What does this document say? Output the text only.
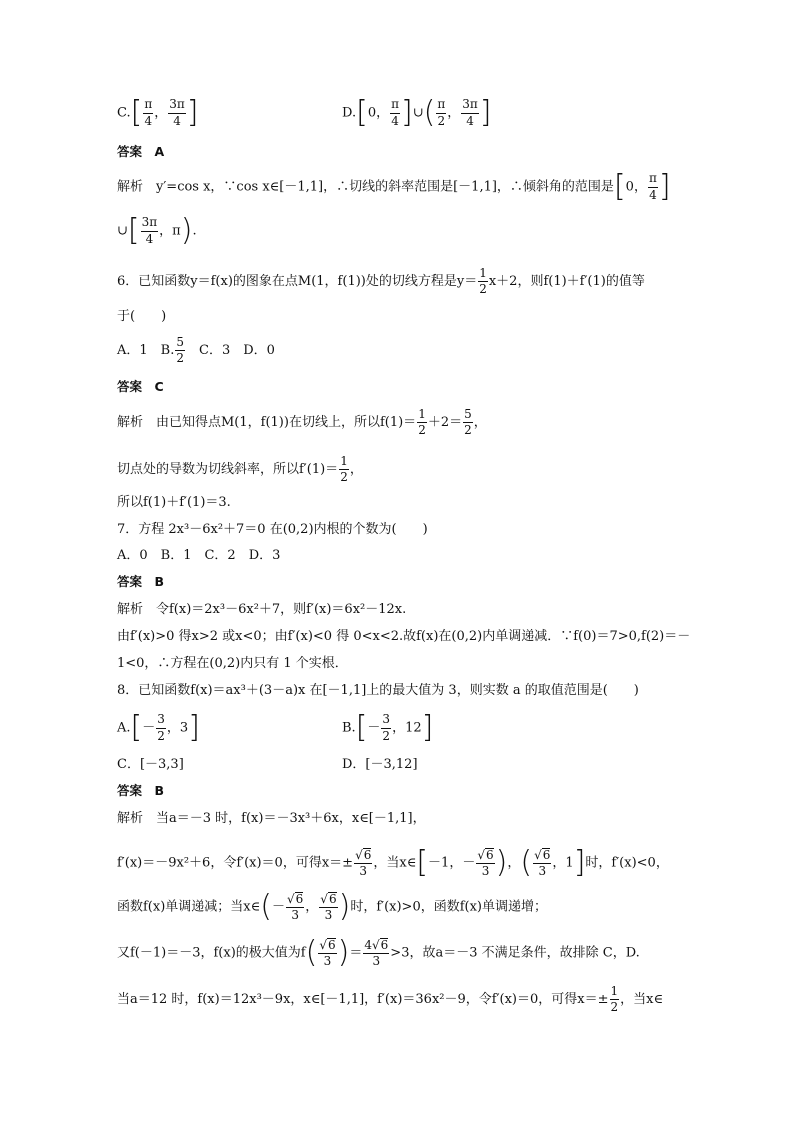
$C.[ \frac{\pi}{4}$ ， $\frac{3\pi}{4}$ ]	D.[0， $\frac{\pi}{4}$ ]∪( $\frac{\pi}{2}$ ， $\frac{3\pi}{4}$ ]
答案　A
解析　y′=cos x，∵cos x∈[－1,1]，∴切线的斜率范围是[－1,1]，∴倾斜角的范围是[0， $\frac{\pi}{4}$ ]
∪[ $\frac{3\pi}{4}$ ，π).
6．已知函数y＝f(x)的图象在点M(1，f(1))处的切线方程是$y= \frac{1}{2} x+2$，则f(1)＋f′(1)的值等
于(　　)
A．1　B. $\frac{5}{2}$ 　C．3　D．0
答案　C
解析　由已知得点M(1，f(1))在切线上，所以$f(1)= \frac{1}{2} +2= \frac{5}{2}$ ，
切点处的导数为切线斜率，所以$f'(1)= \frac{1}{2}$ ，
所以f(1)＋f′(1)＝3.
7．方程 2x³－6x²＋7＝0 在(0,2)内根的个数为(　　)
A．0　B．1　C．2　D．3
答案　B
解析　令f(x)＝2x³－6x²＋7，则f′(x)＝6x²－12x.
由f′(x)>0 得x>2 或x<0；由f′(x)<0 得 0<x<2.故f(x)在(0,2)内单调递减．∵f(0)＝7>0,f(2)＝－
1<0，∴方程在(0,2)内只有 1 个实根．
8．已知函数f(x)＝ax³＋(3－a)x 在[－1,1]上的最大值为 3，则实数 a 的取值范围是(　　)
$A.[- \frac{3}{2}$ ，3]	$B.[- \frac{3}{2}$ ，12]
C．[－3,3]	D．[－3,12]
答案　B
解析　当a＝－3 时，f(x)＝－3x³＋6x，x∈[－1,1]，
f′(x)＝－9x²＋6，令f′(x)＝0，可得$x=\pm \frac{√6}{3}$ ，当x∈[－1，－ $\frac{√6}{3}$ )，( $\frac{√6}{3}$ ，1]时，f′(x)<0，
函数f(x)单调递减；当x∈(－ $\frac{√6}{3}$ ， $\frac{√6}{3}$ )时，f′(x)>0，函数f(x)单调递增；
又f(－1)＝－3，f(x)的极大值为$f( \frac{√6}{3}$ )＝ $\frac{4√6}{3} >3$，故a＝－3 不满足条件，故排除 C，D.
当a＝12 时，f(x)＝12x³－9x，x∈[－1,1]，f′(x)＝36x²－9，令f′(x)＝0，可得$x=\pm \frac{1}{2}$ ，当x∈
